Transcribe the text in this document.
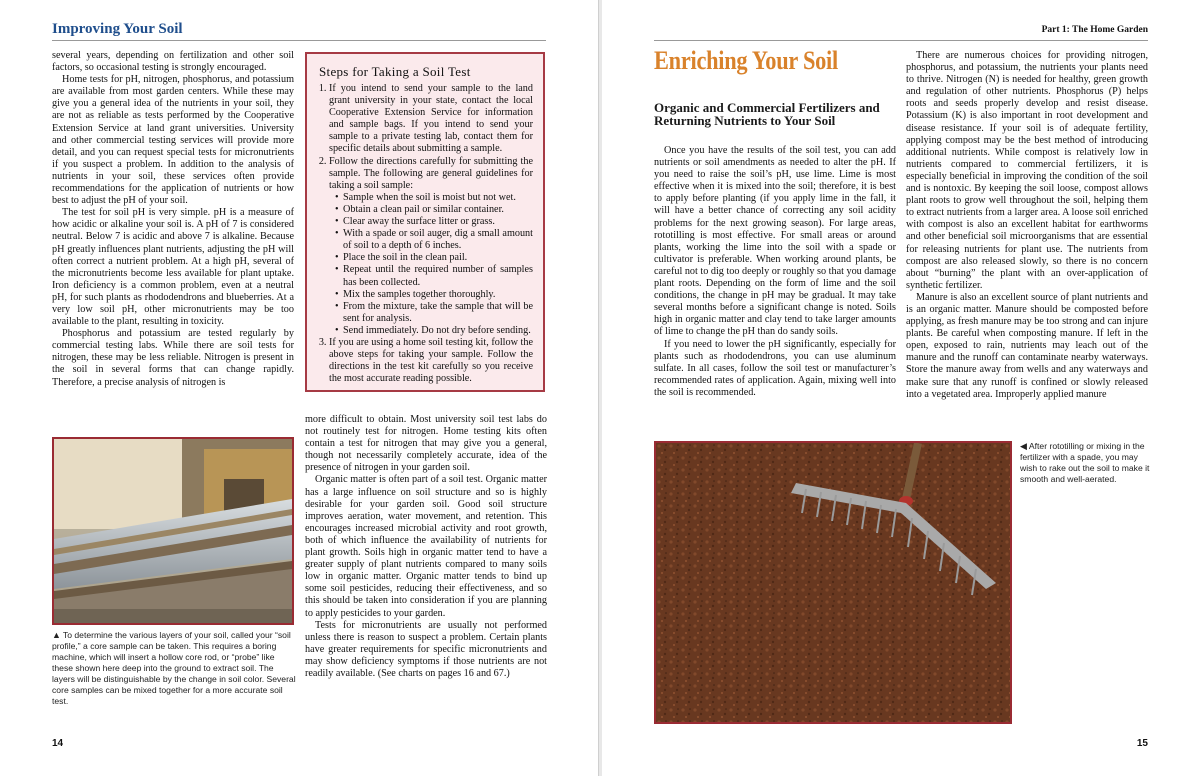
Improving Your Soil

several years, depending on fertilization and other soil factors, so occasional testing is strongly encouraged.

Home tests for pH, nitrogen, phosphorus, and potassium are available from most garden centers. While these may give you a general idea of the nutrients in your soil, they are not as reliable as tests performed by the Cooperative Extension Service at land grant universities. University and other commercial testing services will provide more detail, and you can request special tests for micronutrients if you suspect a problem. In addition to the analysis of nutrients in your soil, these services often provide recommendations for the application of nutrients or how best to adjust the pH of your soil.

The test for soil pH is very simple. pH is a measure of how acidic or alkaline your soil is. A pH of 7 is considered neutral. Below 7 is acidic and above 7 is alkaline. Because pH greatly influences plant nutrients, adjusting the pH will often correct a nutrient problem. At a high pH, several of the micronutrients become less available for plant uptake. Iron deficiency is a common problem, even at a neutral pH, for such plants as rhododendrons and blueberries. At a very low soil pH, other micronutrients may be too available to the plant, resulting in toxicity.

Phosphorus and potassium are tested regularly by commercial testing labs. While there are soil tests for nitrogen, these may be less reliable. Nitrogen is present in the soil in several forms that can change rapidly. Therefore, a precise analysis of nitrogen is

Steps for Taking a Soil Test
1. If you intend to send your sample to the land grant university in your state, contact the local Cooperative Extension Service for information and sample bags. If you intend to send your sample to a private testing lab, contact them for specific details about submitting a sample.
2. Follow the directions carefully for submitting the sample. The following are general guidelines for taking a soil sample:
• Sample when the soil is moist but not wet.
• Obtain a clean pail or similar container.
• Clear away the surface litter or grass.
• With a spade or soil auger, dig a small amount of soil to a depth of 6 inches.
• Place the soil in the clean pail.
• Repeat until the required number of samples has been collected.
• Mix the samples together thoroughly.
• From the mixture, take the sample that will be sent for analysis.
• Send immediately. Do not dry before sending.
3. If you are using a home soil testing kit, follow the above steps for taking your sample. Follow the directions in the test kit carefully so you receive the most accurate reading possible.

more difficult to obtain. Most university soil test labs do not routinely test for nitrogen. Home testing kits often contain a test for nitrogen that may give you a general, though not necessarily completely accurate, idea of the presence of nitrogen in your garden soil.

Organic matter is often part of a soil test. Organic matter has a large influence on soil structure and so is highly desirable for your garden soil. Good soil structure improves aeration, water movement, and retention. This encourages increased microbial activity and root growth, both of which influence the availability of nutrients for plant growth. Soils high in organic matter tend to have a greater supply of plant nutrients compared to many soils low in organic matter. Organic matter tends to bind up some soil pesticides, reducing their effectiveness, and so this should be taken into consideration if you are planning to apply pesticides to your garden.

Tests for micronutrients are usually not performed unless there is reason to suspect a problem. Certain plants have greater requirements for specific micronutrients and may show deficiency symptoms if those nutrients are not readily available. (See charts on pages 16 and 67.)

▲ To determine the various layers of your soil, called your “soil profile,” a core sample can be taken. This requires a boring machine, which will insert a hollow core rod, or “probe” like these shown here deep into the ground to extract soil. The layers will be distinguishable by the change in soil color. Several core samples can be mixed together for a more accurate soil test.
14
Part 1: The Home Garden
Enriching Your Soil
Organic and Commercial Fertilizers and Returning Nutrients to Your Soil

Once you have the results of the soil test, you can add nutrients or soil amendments as needed to alter the pH. If you need to raise the soil’s pH, use lime. Lime is most effective when it is mixed into the soil; therefore, it is best to apply before planting (if you apply lime in the fall, it will have a better chance of correcting any soil acidity problems for the next growing season). For large areas, rototilling is most effective. For small areas or around plants, working the lime into the soil with a spade or cultivator is preferable. When working around plants, be careful not to dig too deeply or roughly so that you damage plant roots. Depending on the form of lime and the soil conditions, the change in pH may be gradual. It may take several months before a significant change is noted. Soils high in organic matter and clay tend to take larger amounts of lime to change the pH than do sandy soils.

If you need to lower the pH significantly, especially for plants such as rhododendrons, you can use aluminum sulfate. In all cases, follow the soil test or manufacturer’s recommended rates of application. Again, mixing well into the soil is recommended.

There are numerous choices for providing nitrogen, phosphorus, and potassium, the nutrients your plants need to thrive. Nitrogen (N) is needed for healthy, green growth and regulation of other nutrients. Phosphorus (P) helps roots and seeds properly develop and resist disease. Potassium (K) is also important in root development and disease resistance. If your soil is of adequate fertility, applying compost may be the best method of introducing additional nutrients. While compost is relatively low in nutrients compared to commercial fertilizers, it is especially beneficial in improving the condition of the soil and is nontoxic. By keeping the soil loose, compost allows plant roots to grow well throughout the soil, helping them to extract nutrients from a larger area. A loose soil enriched with compost is also an excellent habitat for earthworms and other beneficial soil microorganisms that are essential for releasing nutrients for plant use. The nutrients from compost are also released slowly, so there is no concern about “burning” the plant with an over-application of synthetic fertilizer.

Manure is also an excellent source of plant nutrients and is an organic matter. Manure should be composted before applying, as fresh manure may be too strong and can injure plants. Be careful when composting manure. If left in the open, exposed to rain, nutrients may leach out of the manure and the runoff can contaminate nearby waterways. Store the manure away from wells and any waterways and make sure that any runoff is confined or slowly released into a vegetated area. Improperly applied manure

◀ After rototilling or mixing in the fertilizer with a spade, you may wish to rake out the soil to make it smooth and well-aerated.
15
